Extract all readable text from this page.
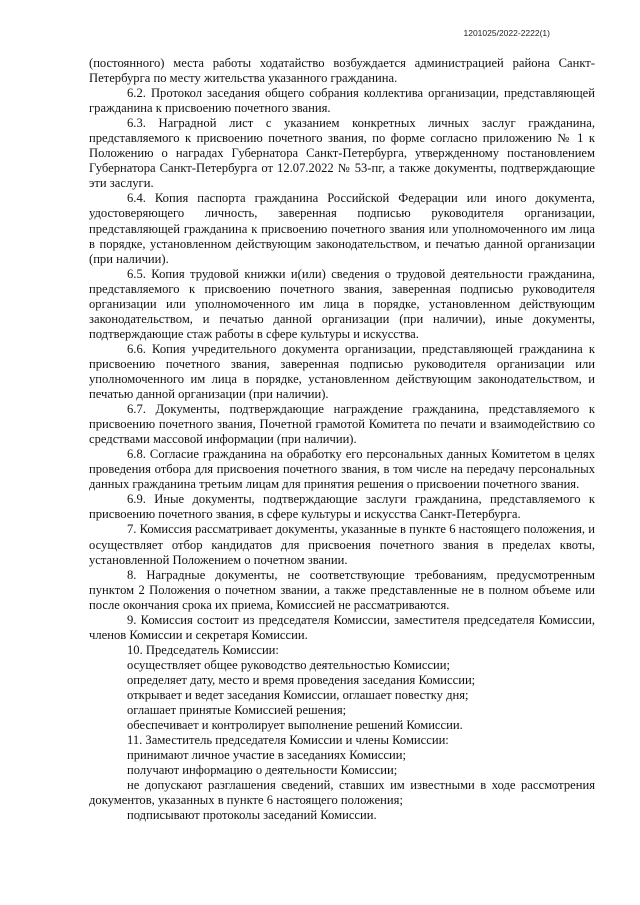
1201025/2022-2222(1)

(постоянного) места работы ходатайство возбуждается администрацией района Санкт-Петербурга по месту жительства указанного гражданина.

6.2. Протокол заседания общего собрания коллектива организации, представляющей гражданина к присвоению почетного звания.

6.3. Наградной лист с указанием конкретных личных заслуг гражданина, представляемого к присвоению почетного звания, по форме согласно приложению № 1 к Положению о наградах Губернатора Санкт-Петербурга, утвержденному постановлением Губернатора Санкт-Петербурга от 12.07.2022 № 53-пг, а также документы, подтверждающие эти заслуги.

6.4. Копия паспорта гражданина Российской Федерации или иного документа, удостоверяющего личность, заверенная подписью руководителя организации, представляющей гражданина к присвоению почетного звания или уполномоченного им лица в порядке, установленном действующим законодательством, и печатью данной организации (при наличии).

6.5. Копия трудовой книжки и(или) сведения о трудовой деятельности гражданина, представляемого к присвоению почетного звания, заверенная подписью руководителя организации или уполномоченного им лица в порядке, установленном действующим законодательством, и печатью данной организации (при наличии), иные документы, подтверждающие стаж работы в сфере культуры и искусства.

6.6. Копия учредительного документа организации, представляющей гражданина к присвоению почетного звания, заверенная подписью руководителя организации или уполномоченного им лица в порядке, установленном действующим законодательством, и печатью данной организации (при наличии).

6.7. Документы, подтверждающие награждение гражданина, представляемого к присвоению почетного звания, Почетной грамотой Комитета по печати и взаимодействию со средствами массовой информации (при наличии).

6.8. Согласие гражданина на обработку его персональных данных Комитетом в целях проведения отбора для присвоения почетного звания, в том числе на передачу персональных данных гражданина третьим лицам для принятия решения о присвоении почетного звания.

6.9. Иные документы, подтверждающие заслуги гражданина, представляемого к присвоению почетного звания, в сфере культуры и искусства Санкт-Петербурга.

7. Комиссия рассматривает документы, указанные в пункте 6 настоящего положения, и осуществляет отбор кандидатов для присвоения почетного звания в пределах квоты, установленной Положением о почетном звании.

8. Наградные документы, не соответствующие требованиям, предусмотренным пунктом 2 Положения о почетном звании, а также представленные не в полном объеме или после окончания срока их приема, Комиссией не рассматриваются.

9. Комиссия состоит из председателя Комиссии, заместителя председателя Комиссии, членов Комиссии и секретаря Комиссии.

10. Председатель Комиссии:

осуществляет общее руководство деятельностью Комиссии;

определяет дату, место и время проведения заседания Комиссии;

открывает и ведет заседания Комиссии, оглашает повестку дня;

оглашает принятые Комиссией решения;

обеспечивает и контролирует выполнение решений Комиссии.

11. Заместитель председателя Комиссии и члены Комиссии:

принимают личное участие в заседаниях Комиссии;

получают информацию о деятельности Комиссии;

не допускают разглашения сведений, ставших им известными в ходе рассмотрения документов, указанных в пункте 6 настоящего положения;

подписывают протоколы заседаний Комиссии.
